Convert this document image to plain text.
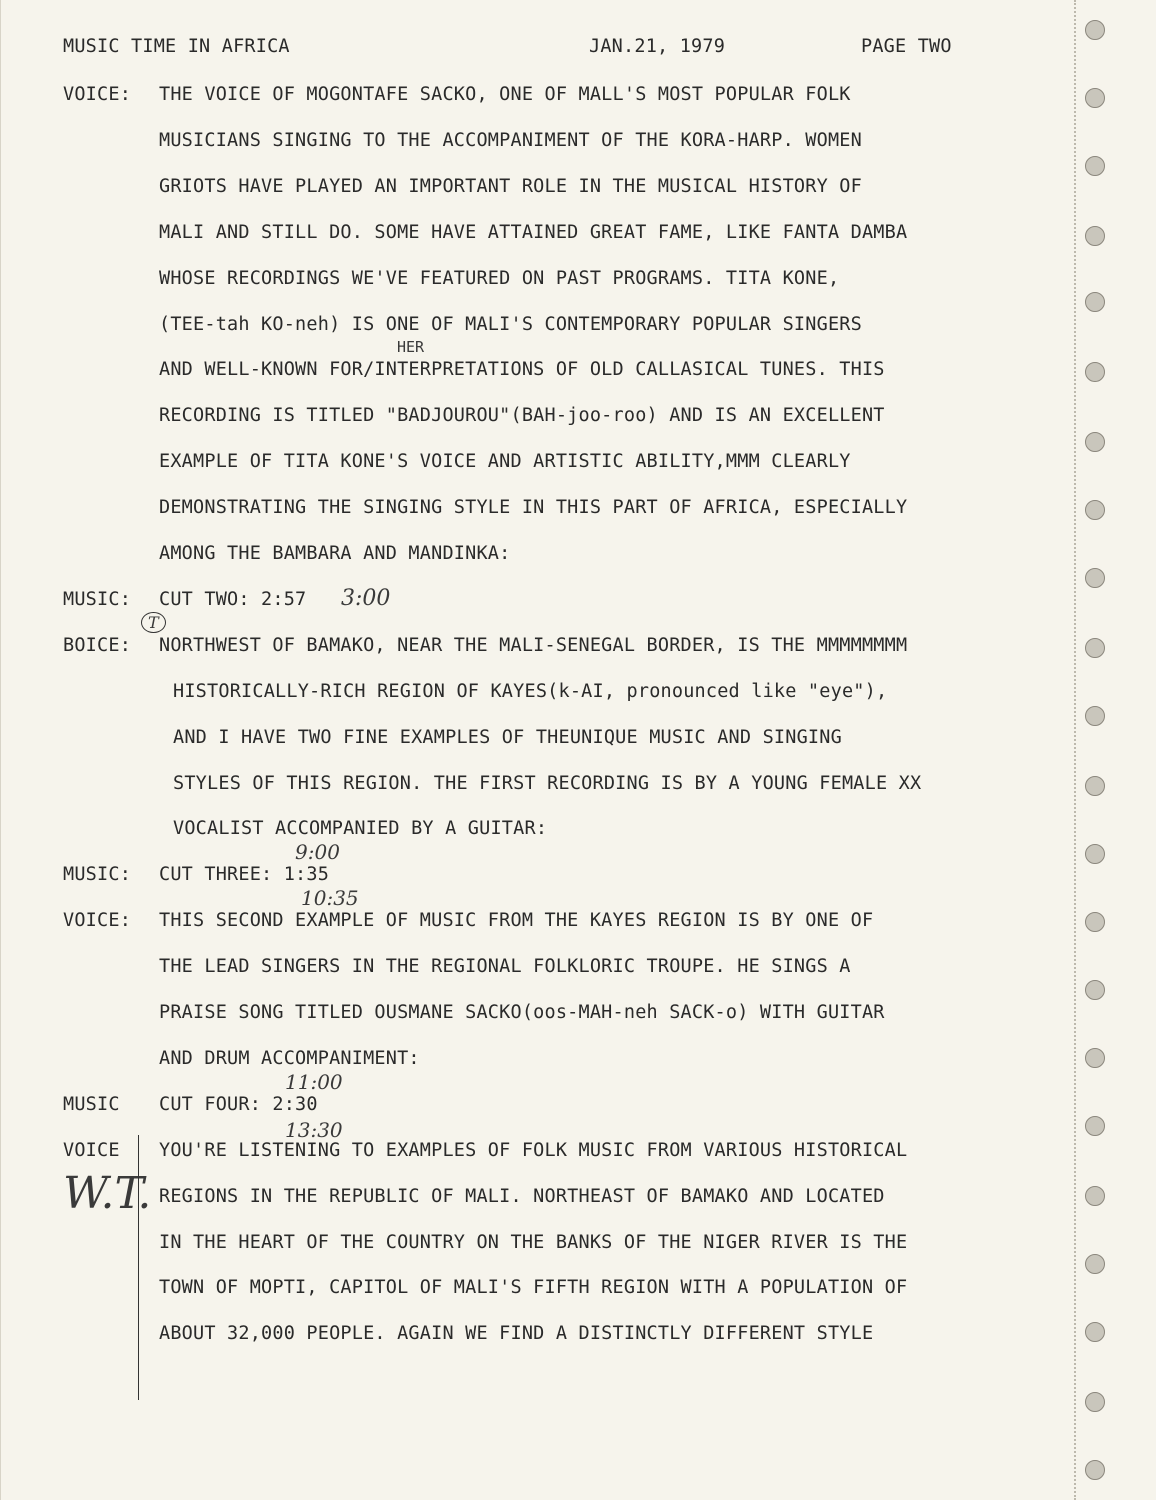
MUSIC TIME IN AFRICA	JAN.21, 1979	PAGE TWO
VOICE: THE VOICE OF MOGONTAFE SACKO, ONE OF MALL'S MOST POPULAR FOLK
MUSICIANS SINGING TO THE ACCOMPANIMENT OF THE KORA-HARP. WOMEN
GRIOTS HAVE PLAYED AN IMPORTANT ROLE IN THE MUSICAL HISTORY OF
MALI AND STILL DO. SOME HAVE ATTAINED GREAT FAME, LIKE FANTA DAMBA
WHOSE RECORDINGS WE'VE FEATURED ON PAST PROGRAMS. TITA KONE,
(TEE-tah KO-neh) IS ONE OF MALI'S CONTEMPORARY POPULAR SINGERS
AND WELL-KNOWN FOR/INTERPRETATIONS OF OLD CALLASICAL TUNES. THIS
RECORDING IS TITLED "BADJOUROU"(BAH-joo-roo) AND IS AN EXCELLENT
EXAMPLE OF TITA KONE'S VOICE AND ARTISTIC ABILITY,MMM CLEARLY
DEMONSTRATING THE SINGING STYLE IN THIS PART OF AFRICA, ESPECIALLY
AMONG THE BAMBARA AND MANDINKA:
MUSIC: CUT TWO: 2:57
BOICE: NORTHWEST OF BAMAKO, NEAR THE MALI-SENEGAL BORDER, IS THE MMMMMMMM
HISTORICALLY-RICH REGION OF KAYES(k-AI, pronounced like "eye"),
AND I HAVE TWO FINE EXAMPLES OF THEUNIQUE MUSIC AND SINGING
STYLES OF THIS REGION. THE FIRST RECORDING IS BY A YOUNG FEMALE XX
VOCALIST ACCOMPANIED BY A GUITAR:
MUSIC: CUT THREE: 1:35
VOICE: THIS SECOND EXAMPLE OF MUSIC FROM THE KAYES REGION IS BY ONE OF
THE LEAD SINGERS IN THE REGIONAL FOLKLORIC TROUPE. HE SINGS A
PRAISE SONG TITLED OUSMANE SACKO(oos-MAH-neh SACK-o) WITH GUITAR
AND DRUM ACCOMPANIMENT:
MUSIC CUT FOUR: 2:30
VOICE YOU'RE LISTENING TO EXAMPLES OF FOLK MUSIC FROM VARIOUS HISTORICAL
REGIONS IN THE REPUBLIC OF MALI. NORTHEAST OF BAMAKO AND LOCATED
IN THE HEART OF THE COUNTRY ON THE BANKS OF THE NIGER RIVER IS THE
TOWN OF MOPTI, CAPITOL OF MALI'S FIFTH REGION WITH A POPULATION OF
ABOUT 32,000 PEOPLE. AGAIN WE FIND A DISTINCTLY DIFFERENT STYLE
HER
3:00
T
9:00
10:35
11:00
13:30
W.T.
